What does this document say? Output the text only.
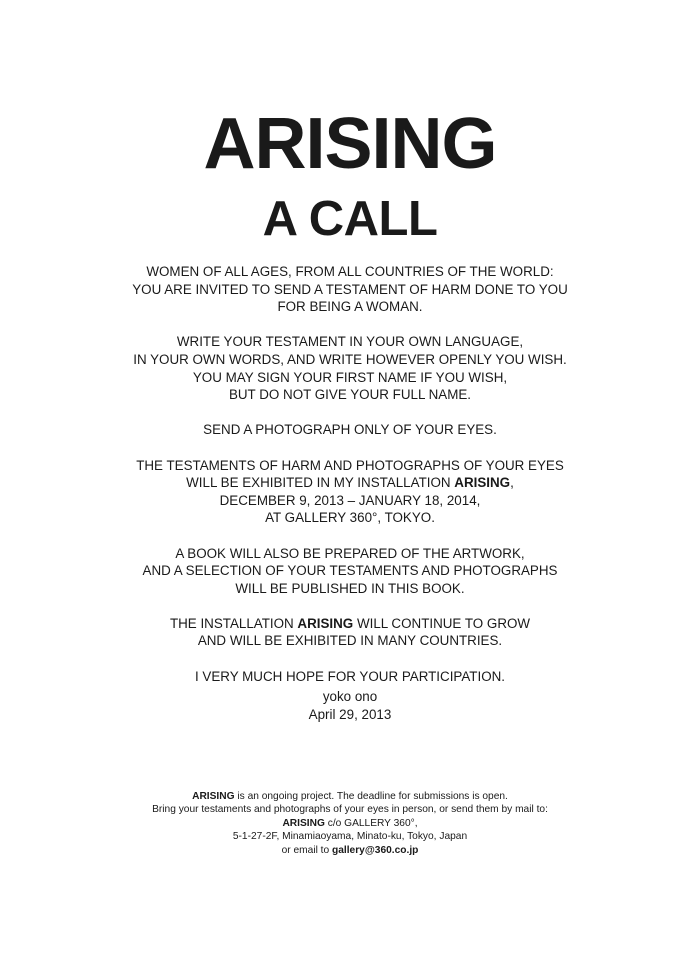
ARISING
A CALL
WOMEN OF ALL AGES, FROM ALL COUNTRIES OF THE WORLD:
YOU ARE INVITED TO SEND A TESTAMENT OF HARM DONE TO YOU
FOR BEING A WOMAN.
WRITE YOUR TESTAMENT IN YOUR OWN LANGUAGE,
IN YOUR OWN WORDS, AND WRITE HOWEVER OPENLY YOU WISH.
YOU MAY SIGN YOUR FIRST NAME IF YOU WISH,
BUT DO NOT GIVE YOUR FULL NAME.
SEND A PHOTOGRAPH ONLY OF YOUR EYES.
THE TESTAMENTS OF HARM AND PHOTOGRAPHS OF YOUR EYES
WILL BE EXHIBITED IN MY INSTALLATION ARISING,
DECEMBER 9, 2013 – JANUARY 18, 2014,
AT GALLERY 360°, TOKYO.
A BOOK WILL ALSO BE PREPARED OF THE ARTWORK,
AND A SELECTION OF YOUR TESTAMENTS AND PHOTOGRAPHS
WILL BE PUBLISHED IN THIS BOOK.
THE INSTALLATION ARISING WILL CONTINUE TO GROW
AND WILL BE EXHIBITED IN MANY COUNTRIES.
I VERY MUCH HOPE FOR YOUR PARTICIPATION.
yoko ono
April 29, 2013
ARISING is an ongoing project. The deadline for submissions is open.
Bring your testaments and photographs of your eyes in person, or send them by mail to:
ARISING c/o GALLERY 360°,
5-1-27-2F, Minamiaoyama, Minato-ku, Tokyo, Japan
or email to gallery@360.co.jp
